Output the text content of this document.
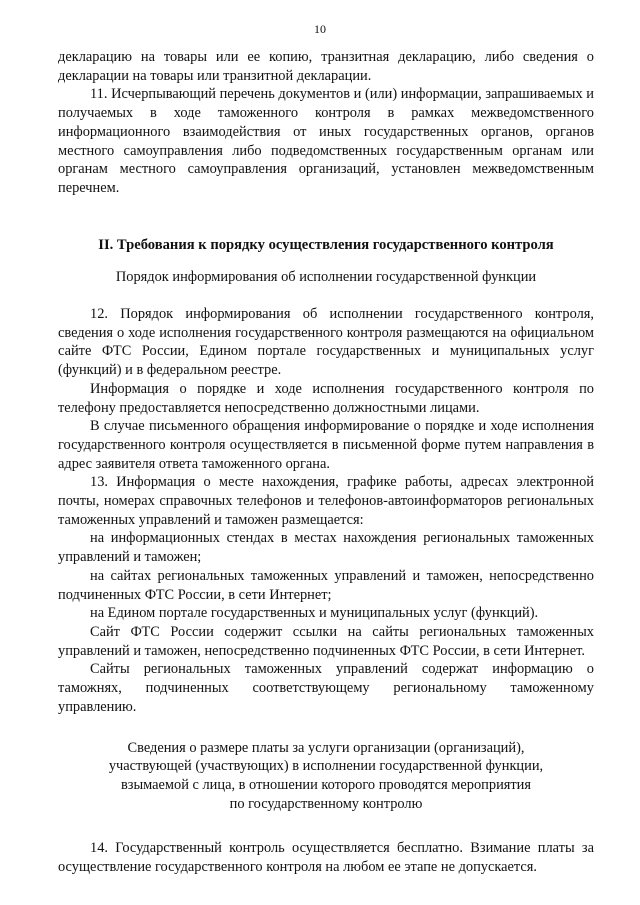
10

декларацию на товары или ее копию, транзитная декларацию, либо сведения о декларации на товары или транзитной декларации.

11. Исчерпывающий перечень документов и (или) информации, запрашиваемых и получаемых в ходе таможенного контроля в рамках межведомственного информационного взаимодействия от иных государственных органов, органов местного самоуправления либо подведомственных государственным органам или органам местного самоуправления организаций, установлен межведомственным перечнем.

II. Требования к порядку осуществления государственного контроля
Порядок информирования об исполнении государственной функции

12. Порядок информирования об исполнении государственного контроля, сведения о ходе исполнения государственного контроля размещаются на официальном сайте ФТС России, Едином портале государственных и муниципальных услуг (функций) и в федеральном реестре.

Информация о порядке и ходе исполнения государственного контроля по телефону предоставляется непосредственно должностными лицами.

В случае письменного обращения информирование о порядке и ходе исполнения государственного контроля осуществляется в письменной форме путем направления в адрес заявителя ответа таможенного органа.

13. Информация о месте нахождения, графике работы, адресах электронной почты, номерах справочных телефонов и телефонов-автоинформаторов региональных таможенных управлений и таможен размещается:

на информационных стендах в местах нахождения региональных таможенных управлений и таможен;

на сайтах региональных таможенных управлений и таможен, непосредственно подчиненных ФТС России, в сети Интернет;

на Едином портале государственных и муниципальных услуг (функций).

Сайт ФТС России содержит ссылки на сайты региональных таможенных управлений и таможен, непосредственно подчиненных ФТС России, в сети Интернет.

Сайты региональных таможенных управлений содержат информацию о таможнях, подчиненных соответствующему региональному таможенному управлению.

Сведения о размере платы за услуги организации (организаций),
участвующей (участвующих) в исполнении государственной функции,
взымаемой с лица, в отношении которого проводятся мероприятия
по государственному контролю

14. Государственный контроль осуществляется бесплатно. Взимание платы за осуществление государственного контроля на любом ее этапе не допускается.
